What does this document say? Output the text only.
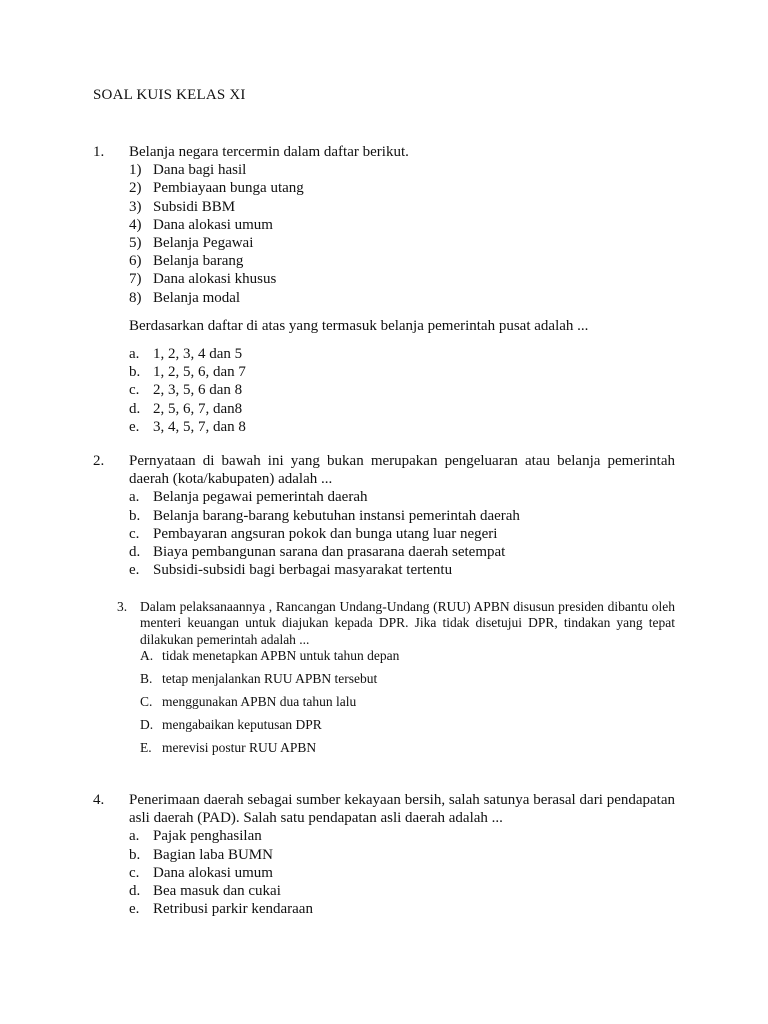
SOAL KUIS KELAS XI
1. Belanja negara tercermin dalam daftar berikut.
1) Dana bagi hasil
2) Pembiayaan bunga utang
3) Subsidi BBM
4) Dana alokasi umum
5) Belanja Pegawai
6) Belanja barang
7) Dana alokasi khusus
8) Belanja modal
Berdasarkan daftar di atas yang termasuk belanja pemerintah pusat adalah ...
a. 1, 2, 3, 4 dan 5
b. 1, 2, 5, 6, dan 7
c. 2, 3, 5, 6 dan 8
d. 2, 5, 6, 7, dan8
e. 3, 4, 5, 7, dan 8
2. Pernyataan di bawah ini yang bukan merupakan pengeluaran atau belanja pemerintah daerah (kota/kabupaten) adalah ...
a. Belanja pegawai pemerintah daerah
b. Belanja barang-barang kebutuhan instansi pemerintah daerah
c. Pembayaran angsuran pokok dan bunga utang luar negeri
d. Biaya pembangunan sarana dan prasarana daerah setempat
e. Subsidi-subsidi bagi berbagai masyarakat tertentu
3. Dalam pelaksanaannya , Rancangan Undang-Undang (RUU) APBN disusun presiden dibantu oleh menteri keuangan untuk diajukan kepada DPR. Jika tidak disetujui DPR, tindakan yang tepat dilakukan pemerintah adalah ...
A. tidak menetapkan APBN untuk tahun depan
B. tetap menjalankan RUU APBN tersebut
C. menggunakan APBN dua tahun lalu
D. mengabaikan keputusan DPR
E. merevisi postur RUU APBN
4. Penerimaan daerah sebagai sumber kekayaan bersih, salah satunya berasal dari pendapatan asli daerah (PAD). Salah satu pendapatan asli daerah adalah ...
a. Pajak penghasilan
b. Bagian laba BUMN
c. Dana alokasi umum
d. Bea masuk dan cukai
e. Retribusi parkir kendaraan
